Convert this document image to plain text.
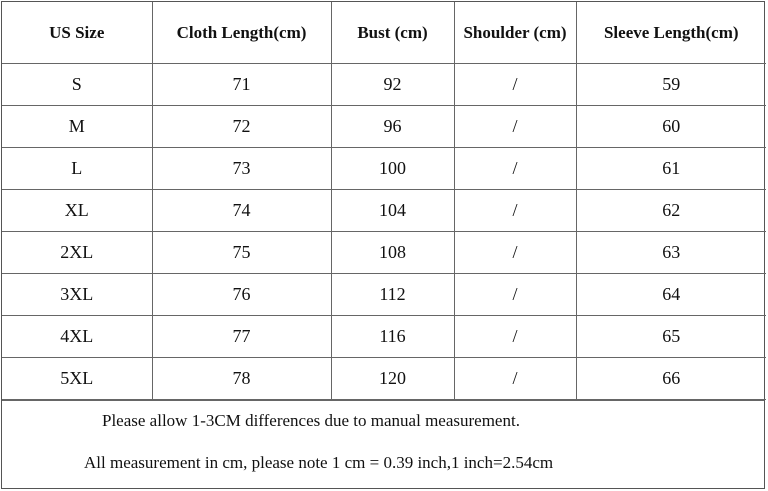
US Size	Cloth Length(cm)	Bust (cm)	Shoulder (cm)	Sleeve Length(cm)
S	71	92	/	59
M	72	96	/	60
L	73	100	/	61
XL	74	104	/	62
2XL	75	108	/	63
3XL	76	112	/	64
4XL	77	116	/	65
5XL	78	120	/	66
Please allow 1-3CM differences due to manual measurement.
All measurement in cm, please note 1 cm = 0.39 inch,1 inch=2.54cm
